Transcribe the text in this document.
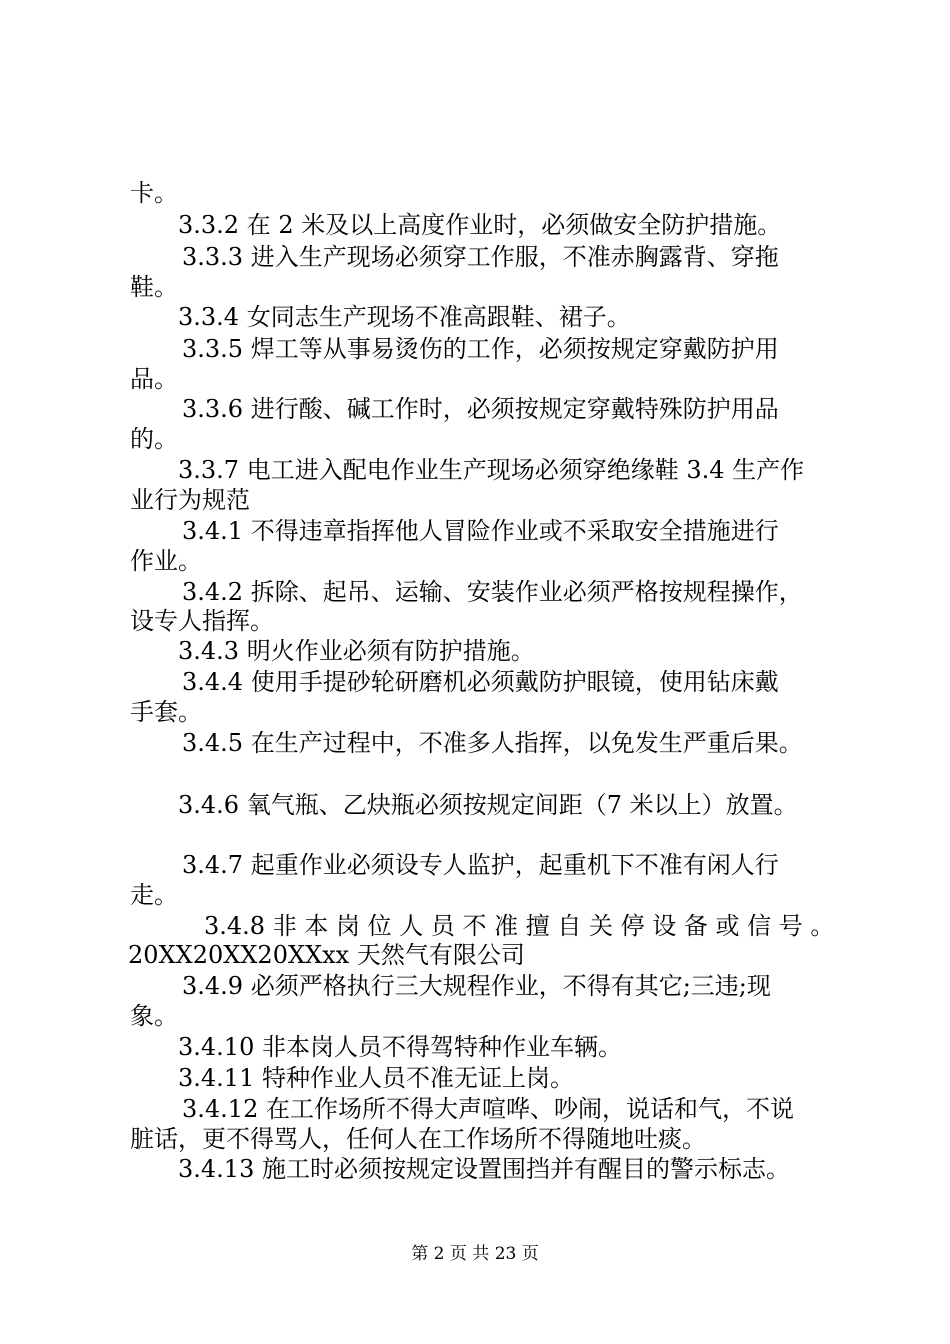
卡。
3.3.2 在 2 米及以上高度作业时，必须做安全防护措施。
3.3.3 进入生产现场必须穿工作服，不准赤胸露背、穿拖
鞋。
3.3.4 女同志生产现场不准高跟鞋、裙子。
3.3.5 焊工等从事易烫伤的工作，必须按规定穿戴防护用
品。
3.3.6 进行酸、碱工作时，必须按规定穿戴特殊防护用品
的。
3.3.7 电工进入配电作业生产现场必须穿绝缘鞋 3.4 生产作
业行为规范
3.4.1 不得违章指挥他人冒险作业或不采取安全措施进行
作业。
3.4.2 拆除、起吊、运输、安装作业必须严格按规程操作，
设专人指挥。
3.4.3 明火作业必须有防护措施。
3.4.4 使用手提砂轮研磨机必须戴防护眼镜，使用钻床戴
手套。
3.4.5 在生产过程中，不准多人指挥，以免发生严重后果。
3.4.6 氧气瓶、乙炔瓶必须按规定间距（7 米以上）放置。
3.4.7 起重作业必须设专人监护，起重机下不准有闲人行
走。
3.4.8 非 本 岗 位 人 员 不 准 擅 自 关 停 设 备 或 信 号 。
20XX20XX20XXxx 天然气有限公司
3.4.9 必须严格执行三大规程作业，不得有其它;三违;现
象。
3.4.10 非本岗人员不得驾特种作业车辆。
3.4.11 特种作业人员不准无证上岗。
3.4.12 在工作场所不得大声喧哗、吵闹，说话和气，不说
脏话，更不得骂人，任何人在工作场所不得随地吐痰。
3.4.13 施工时必须按规定设置围挡并有醒目的警示标志。
第 2 页 共 23 页
